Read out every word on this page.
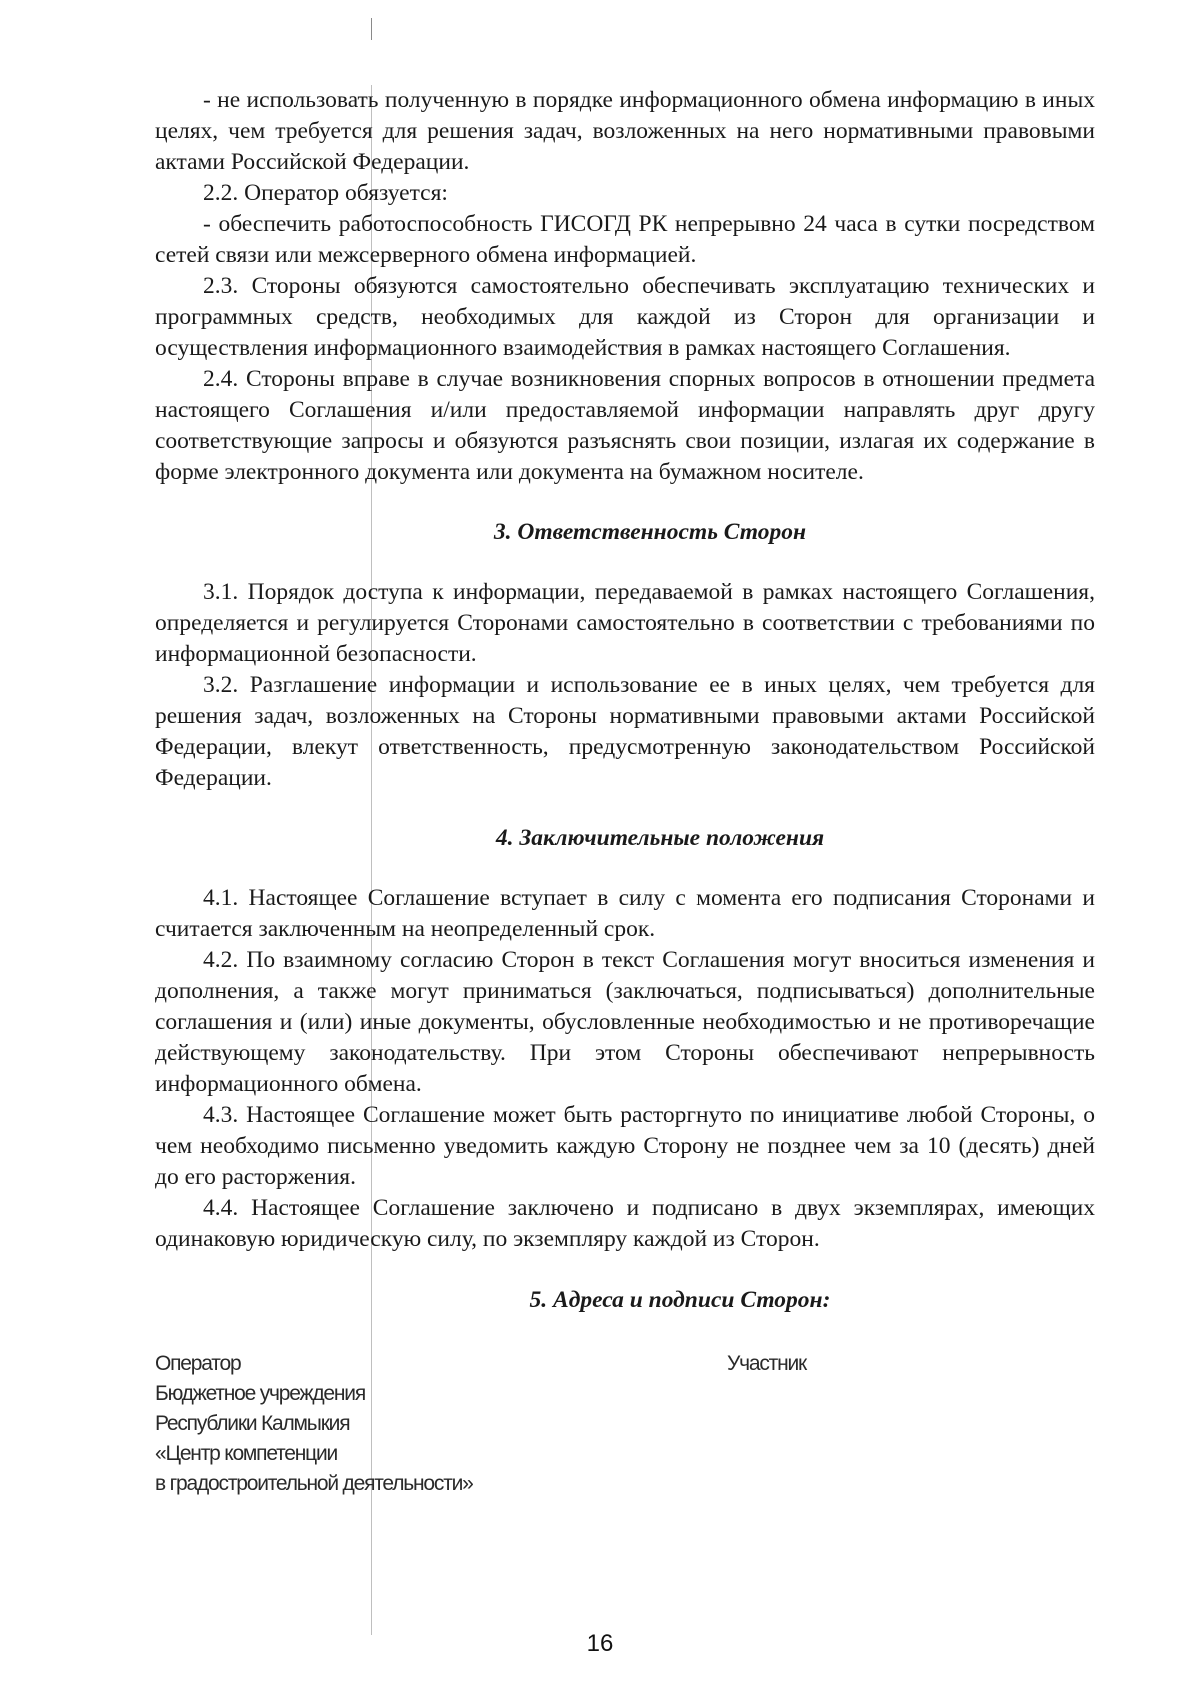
- не использовать полученную в порядке информационного обмена информацию в иных целях, чем требуется для решения задач, возложенных на него нормативными правовыми актами Российской Федерации.

2.2. Оператор обязуется:

- обеспечить работоспособность ГИСОГД РК непрерывно 24 часа в сутки посредством сетей связи или межсерверного обмена информацией.

2.3. Стороны обязуются самостоятельно обеспечивать эксплуатацию технических и программных средств, необходимых для каждой из Сторон для организации и осуществления информационного взаимодействия в рамках настоящего Соглашения.

2.4. Стороны вправе в случае возникновения спорных вопросов в отношении предмета настоящего Соглашения и/или предоставляемой информации направлять друг другу соответствующие запросы и обязуются разъяснять свои позиции, излагая их содержание в форме электронного документа или документа на бумажном носителе.

3. Ответственность Сторон

3.1. Порядок доступа к информации, передаваемой в рамках настоящего Соглашения, определяется и регулируется Сторонами самостоятельно в соответствии с требованиями по информационной безопасности.

3.2. Разглашение информации и использование ее в иных целях, чем требуется для решения задач, возложенных на Стороны нормативными правовыми актами Российской Федерации, влекут ответственность, предусмотренную законодательством Российской Федерации.

4. Заключительные положения

4.1. Настоящее Соглашение вступает в силу с момента его подписания Сторонами и считается заключенным на неопределенный срок.

4.2. По взаимному согласию Сторон в текст Соглашения могут вноситься изменения и дополнения, а также могут приниматься (заключаться, подписываться) дополнительные соглашения и (или) иные документы, обусловленные необходимостью и не противоречащие действующему законодательству. При этом Стороны обеспечивают непрерывность информационного обмена.

4.3. Настоящее Соглашение может быть расторгнуто по инициативе любой Стороны, о чем необходимо письменно уведомить каждую Сторону не позднее чем за 10 (десять) дней до его расторжения.

4.4. Настоящее Соглашение заключено и подписано в двух экземплярах, имеющих одинаковую юридическую силу, по экземпляру каждой из Сторон.

5. Адреса и подписи Сторон:
Оператор
Бюджетное учреждения
Республики Калмыкия
«Центр компетенции
в градостроительной деятельности»
Участник
16
